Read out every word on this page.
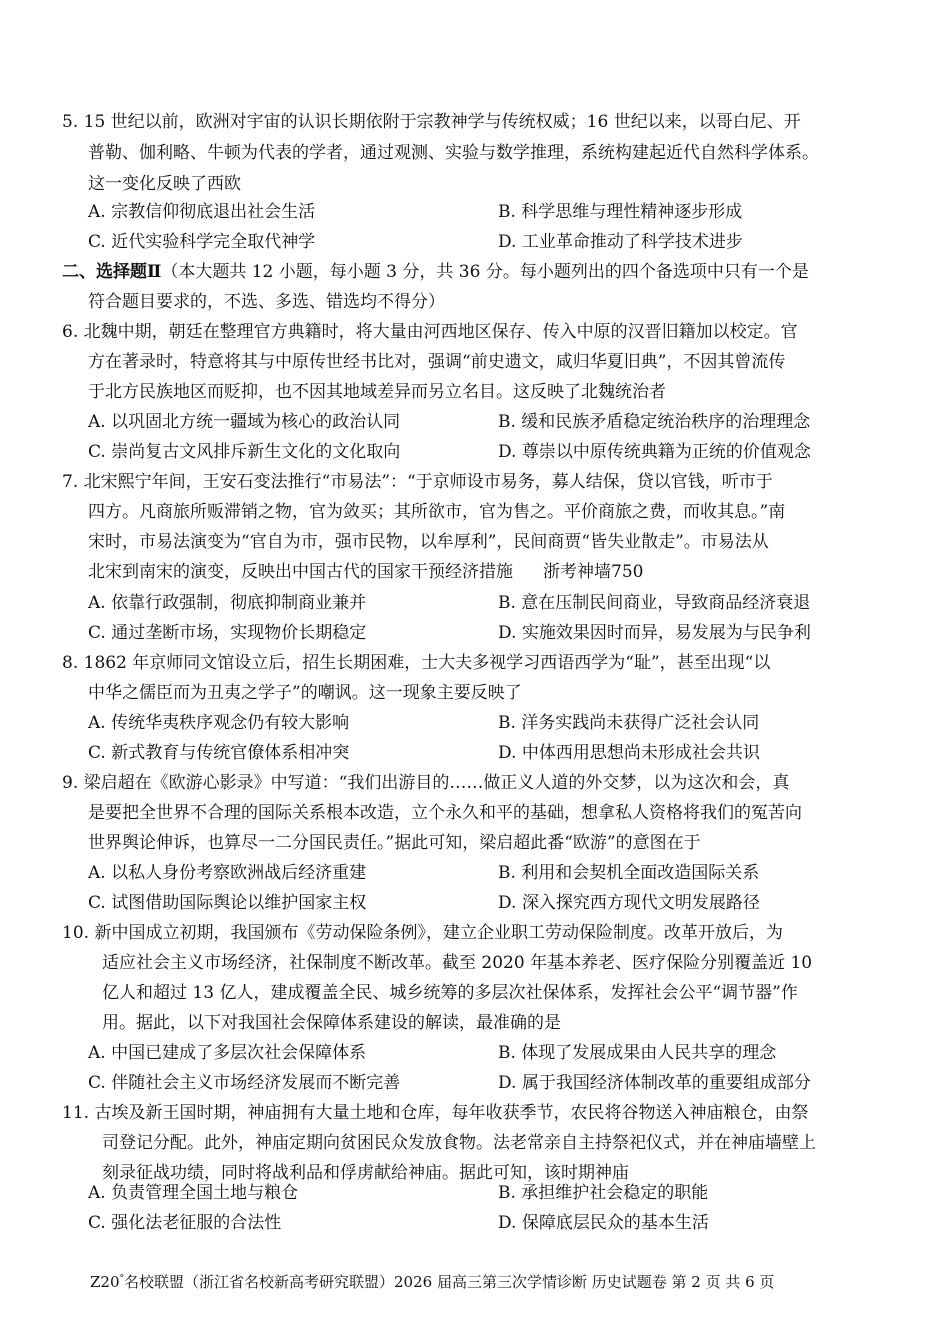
5. 15 世纪以前，欧洲对宇宙的认识长期依附于宗教神学与传统权威；16 世纪以来，以哥白尼、开
普勒、伽利略、牛顿为代表的学者，通过观测、实验与数学推理，系统构建起近代自然科学体系。
这一变化反映了西欧
A. 宗教信仰彻底退出社会生活	B. 科学思维与理性精神逐步形成
C. 近代实验科学完全取代神学	D. 工业革命推动了科学技术进步
二、选择题Ⅱ（本大题共 12 小题，每小题 3 分，共 36 分。每小题列出的四个备选项中只有一个是
符合题目要求的，不选、多选、错选均不得分）
6. 北魏中期，朝廷在整理官方典籍时，将大量由河西地区保存、传入中原的汉晋旧籍加以校定。官
方在著录时，特意将其与中原传世经书比对，强调“前史遗文，咸归华夏旧典”，不因其曾流传
于北方民族地区而贬抑，也不因其地域差异而另立名目。这反映了北魏统治者
A. 以巩固北方统一疆域为核心的政治认同	B. 缓和民族矛盾稳定统治秩序的治理理念
C. 崇尚复古文风排斥新生文化的文化取向	D. 尊崇以中原传统典籍为正统的价值观念
7. 北宋熙宁年间，王安石变法推行“市易法”：“于京师设市易务，募人结保，贷以官钱，听市于
四方。凡商旅所贩滞销之物，官为敛买；其所欲市，官为售之。平价商旅之费，而收其息。”南
宋时，市易法演变为“官自为市，强市民物，以牟厚利”，民间商贾“皆失业散走”。市易法从
北宋到南宋的演变，反映出中国古代的国家干预经济措施 浙考神墙750
A. 依靠行政强制，彻底抑制商业兼并	B. 意在压制民间商业，导致商品经济衰退
C. 通过垄断市场，实现物价长期稳定	D. 实施效果因时而异，易发展为与民争利
8. 1862 年京师同文馆设立后，招生长期困难，士大夫多视学习西语西学为“耻”，甚至出现“以
中华之儒臣而为丑夷之学子”的嘲讽。这一现象主要反映了
A. 传统华夷秩序观念仍有较大影响	B. 洋务实践尚未获得广泛社会认同
C. 新式教育与传统官僚体系相冲突	D. 中体西用思想尚未形成社会共识
9. 梁启超在《欧游心影录》中写道：“我们出游目的……做正义人道的外交梦，以为这次和会，真
是要把全世界不合理的国际关系根本改造，立个永久和平的基础，想拿私人资格将我们的冤苦向
世界舆论伸诉，也算尽一二分国民责任。”据此可知，梁启超此番“欧游”的意图在于
A. 以私人身份考察欧洲战后经济重建	B. 利用和会契机全面改造国际关系
C. 试图借助国际舆论以维护国家主权	D. 深入探究西方现代文明发展路径
10. 新中国成立初期，我国颁布《劳动保险条例》，建立企业职工劳动保险制度。改革开放后，为
适应社会主义市场经济，社保制度不断改革。截至 2020 年基本养老、医疗保险分别覆盖近 10
亿人和超过 13 亿人，建成覆盖全民、城乡统筹的多层次社保体系，发挥社会公平“调节器”作
用。据此，以下对我国社会保障体系建设的解读，最准确的是
A. 中国已建成了多层次社会保障体系	B. 体现了发展成果由人民共享的理念
C. 伴随社会主义市场经济发展而不断完善	D. 属于我国经济体制改革的重要组成部分
11. 古埃及新王国时期，神庙拥有大量土地和仓库，每年收获季节，农民将谷物送入神庙粮仓，由祭
司登记分配。此外，神庙定期向贫困民众发放食物。法老常亲自主持祭祀仪式，并在神庙墙壁上
刻录征战功绩，同时将战利品和俘虏献给神庙。据此可知，该时期神庙
A. 负责管理全国土地与粮仓	B. 承担维护社会稳定的职能
C. 强化法老征服的合法性	D. 保障底层民众的基本生活
Z20°名校联盟（浙江省名校新高考研究联盟）2026 届高三第三次学情诊断 历史试题卷 第 2 页 共 6 页
